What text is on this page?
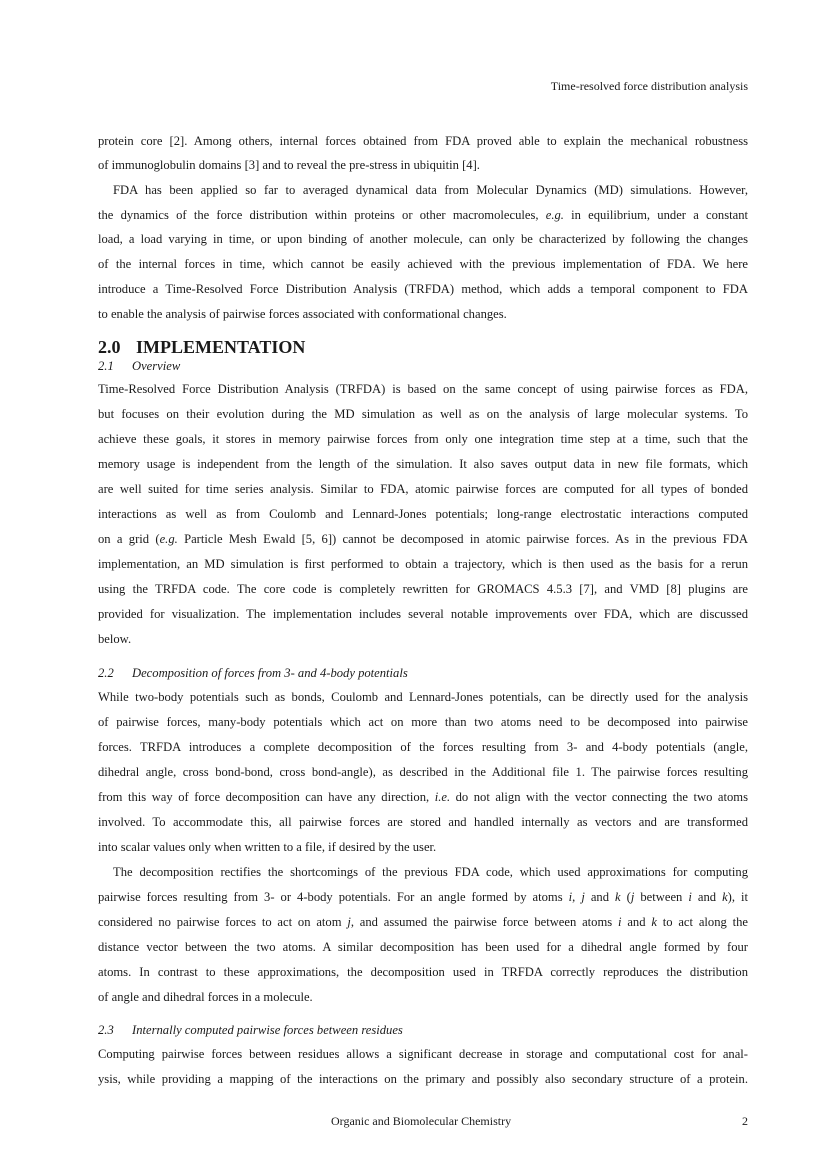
Time-resolved force distribution analysis
protein core [2]. Among others, internal forces obtained from FDA proved able to explain the mechanical robustness
of immunoglobulin domains [3] and to reveal the pre-stress in ubiquitin [4].
FDA has been applied so far to averaged dynamical data from Molecular Dynamics (MD) simulations. However,
the dynamics of the force distribution within proteins or other macromolecules, e.g. in equilibrium, under a constant
load, a load varying in time, or upon binding of another molecule, can only be characterized by following the changes
of the internal forces in time, which cannot be easily achieved with the previous implementation of FDA. We here
introduce a Time-Resolved Force Distribution Analysis (TRFDA) method, which adds a temporal component to FDA
to enable the analysis of pairwise forces associated with conformational changes.
2.0 IMPLEMENTATION
2.1 Overview
Time-Resolved Force Distribution Analysis (TRFDA) is based on the same concept of using pairwise forces as FDA,
but focuses on their evolution during the MD simulation as well as on the analysis of large molecular systems. To
achieve these goals, it stores in memory pairwise forces from only one integration time step at a time, such that the
memory usage is independent from the length of the simulation. It also saves output data in new file formats, which
are well suited for time series analysis. Similar to FDA, atomic pairwise forces are computed for all types of bonded
interactions as well as from Coulomb and Lennard-Jones potentials; long-range electrostatic interactions computed
on a grid (e.g. Particle Mesh Ewald [5, 6]) cannot be decomposed in atomic pairwise forces. As in the previous FDA
implementation, an MD simulation is first performed to obtain a trajectory, which is then used as the basis for a rerun
using the TRFDA code. The core code is completely rewritten for GROMACS 4.5.3 [7], and VMD [8] plugins are
provided for visualization. The implementation includes several notable improvements over FDA, which are discussed
below.
2.2 Decomposition of forces from 3- and 4-body potentials
While two-body potentials such as bonds, Coulomb and Lennard-Jones potentials, can be directly used for the analysis
of pairwise forces, many-body potentials which act on more than two atoms need to be decomposed into pairwise
forces. TRFDA introduces a complete decomposition of the forces resulting from 3- and 4-body potentials (angle,
dihedral angle, cross bond-bond, cross bond-angle), as described in the Additional file 1. The pairwise forces resulting
from this way of force decomposition can have any direction, i.e. do not align with the vector connecting the two atoms
involved. To accommodate this, all pairwise forces are stored and handled internally as vectors and are transformed
into scalar values only when written to a file, if desired by the user.
The decomposition rectifies the shortcomings of the previous FDA code, which used approximations for computing
pairwise forces resulting from 3- or 4-body potentials. For an angle formed by atoms i, j and k (j between i and k), it
considered no pairwise forces to act on atom j, and assumed the pairwise force between atoms i and k to act along the
distance vector between the two atoms. A similar decomposition has been used for a dihedral angle formed by four
atoms. In contrast to these approximations, the decomposition used in TRFDA correctly reproduces the distribution
of angle and dihedral forces in a molecule.
2.3 Internally computed pairwise forces between residues
Computing pairwise forces between residues allows a significant decrease in storage and computational cost for anal-
ysis, while providing a mapping of the interactions on the primary and possibly also secondary structure of a protein.
Organic and Biomolecular Chemistry	2
